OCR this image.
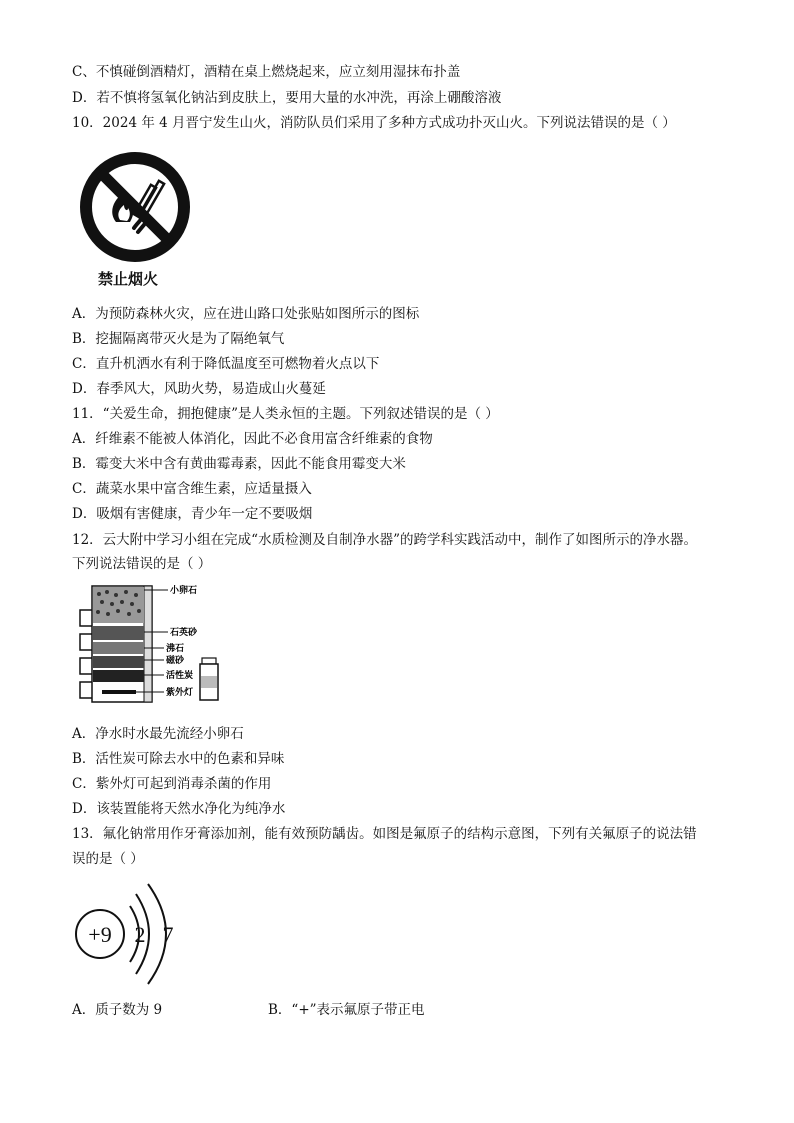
C、不慎碰倒酒精灯，酒精在桌上燃烧起来，应立刻用湿抹布扑盖
D．若不慎将氢氧化钠沾到皮肤上，要用大量的水冲洗，再涂上硼酸溶液
10．2024 年 4 月晋宁发生山火，消防队员们采用了多种方式成功扑灭山火。下列说法错误的是（ ）
禁止烟火
A．为预防森林火灾，应在进山路口处张贴如图所示的图标
B．挖掘隔离带灭火是为了隔绝氧气
C．直升机洒水有利于降低温度至可燃物着火点以下
D．春季风大，风助火势，易造成山火蔓延
11．“关爱生命，拥抱健康”是人类永恒的主题。下列叙述错误的是（ ）
A．纤维素不能被人体消化，因此不必食用富含纤维素的食物
B．霉变大米中含有黄曲霉毒素，因此不能食用霉变大米
C．蔬菜水果中富含维生素，应适量摄入
D．吸烟有害健康，青少年一定不要吸烟
12．云大附中学习小组在完成“水质检测及自制净水器”的跨学科实践活动中，制作了如图所示的净水器。
下列说法错误的是（ ）
小卵石
石英砂
沸石
磁砂
活性炭
紫外灯
A．净水时水最先流经小卵石
B．活性炭可除去水中的色素和异味
C．紫外灯可起到消毒杀菌的作用
D．该装置能将天然水净化为纯净水
13．氟化钠常用作牙膏添加剂，能有效预防龋齿。如图是氟原子的结构示意图，下列有关氟原子的说法错
误的是（ ）
+9 2 7
A．质子数为 9	B．“+”表示氟原子带正电
